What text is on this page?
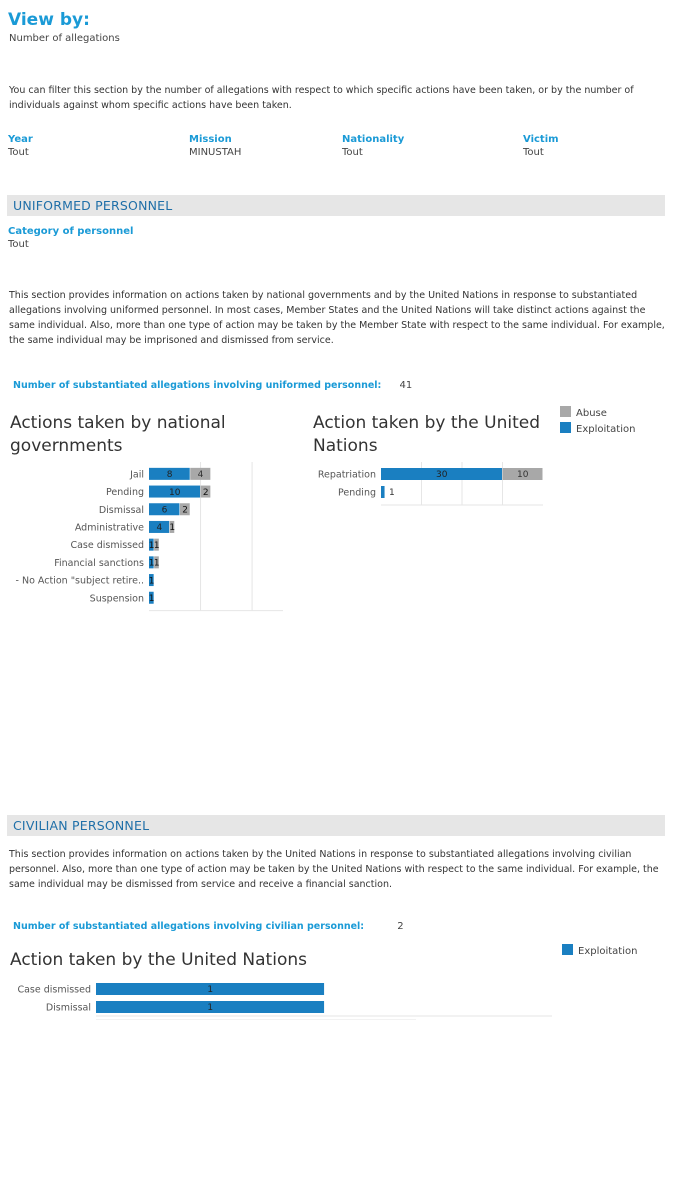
View by:
Number of allegations
You can filter this section by the number of allegations with respect to which specific actions have been taken, or by the number of individuals against whom specific actions have been taken.
Year
Tout
Mission
MINUSTAH
Nationality
Tout
Victim
Tout
UNIFORMED PERSONNEL
Category of personnel
Tout
This section provides information on actions taken by national governments and by the United Nations in response to substantiated allegations involving uniformed personnel. In most cases, Member States and the United Nations will take distinct actions against the same individual. Also, more than one type of action may be taken by the Member State with respect to the same individual. For example, the same individual may be imprisoned and dismissed from service.
Number of substantiated allegations involving uniformed personnel: 41
Abuse
Exploitation
Actions taken by national
governments
Jail	8	4
Pending	10 2
Dismissal 6 2
Administrative 4 1
Case dismissed 1 1
Financial sanctions 1 1
- No Action "subject retire.. 1
Suspension 1
Action taken by the United
Nations
Repatriation	30	10
Pending 1
CIVILIAN PERSONNEL
This section provides information on actions taken by the United Nations in response to substantiated allegations involving civilian personnel. Also, more than one type of action may be taken by the United Nations with respect to the same individual. For example, the same individual may be dismissed from service and receive a financial sanction.
Number of substantiated allegations involving civilian personnel:	2
Exploitation
Action taken by the United Nations
Case dismissed	1
Dismissal	1
